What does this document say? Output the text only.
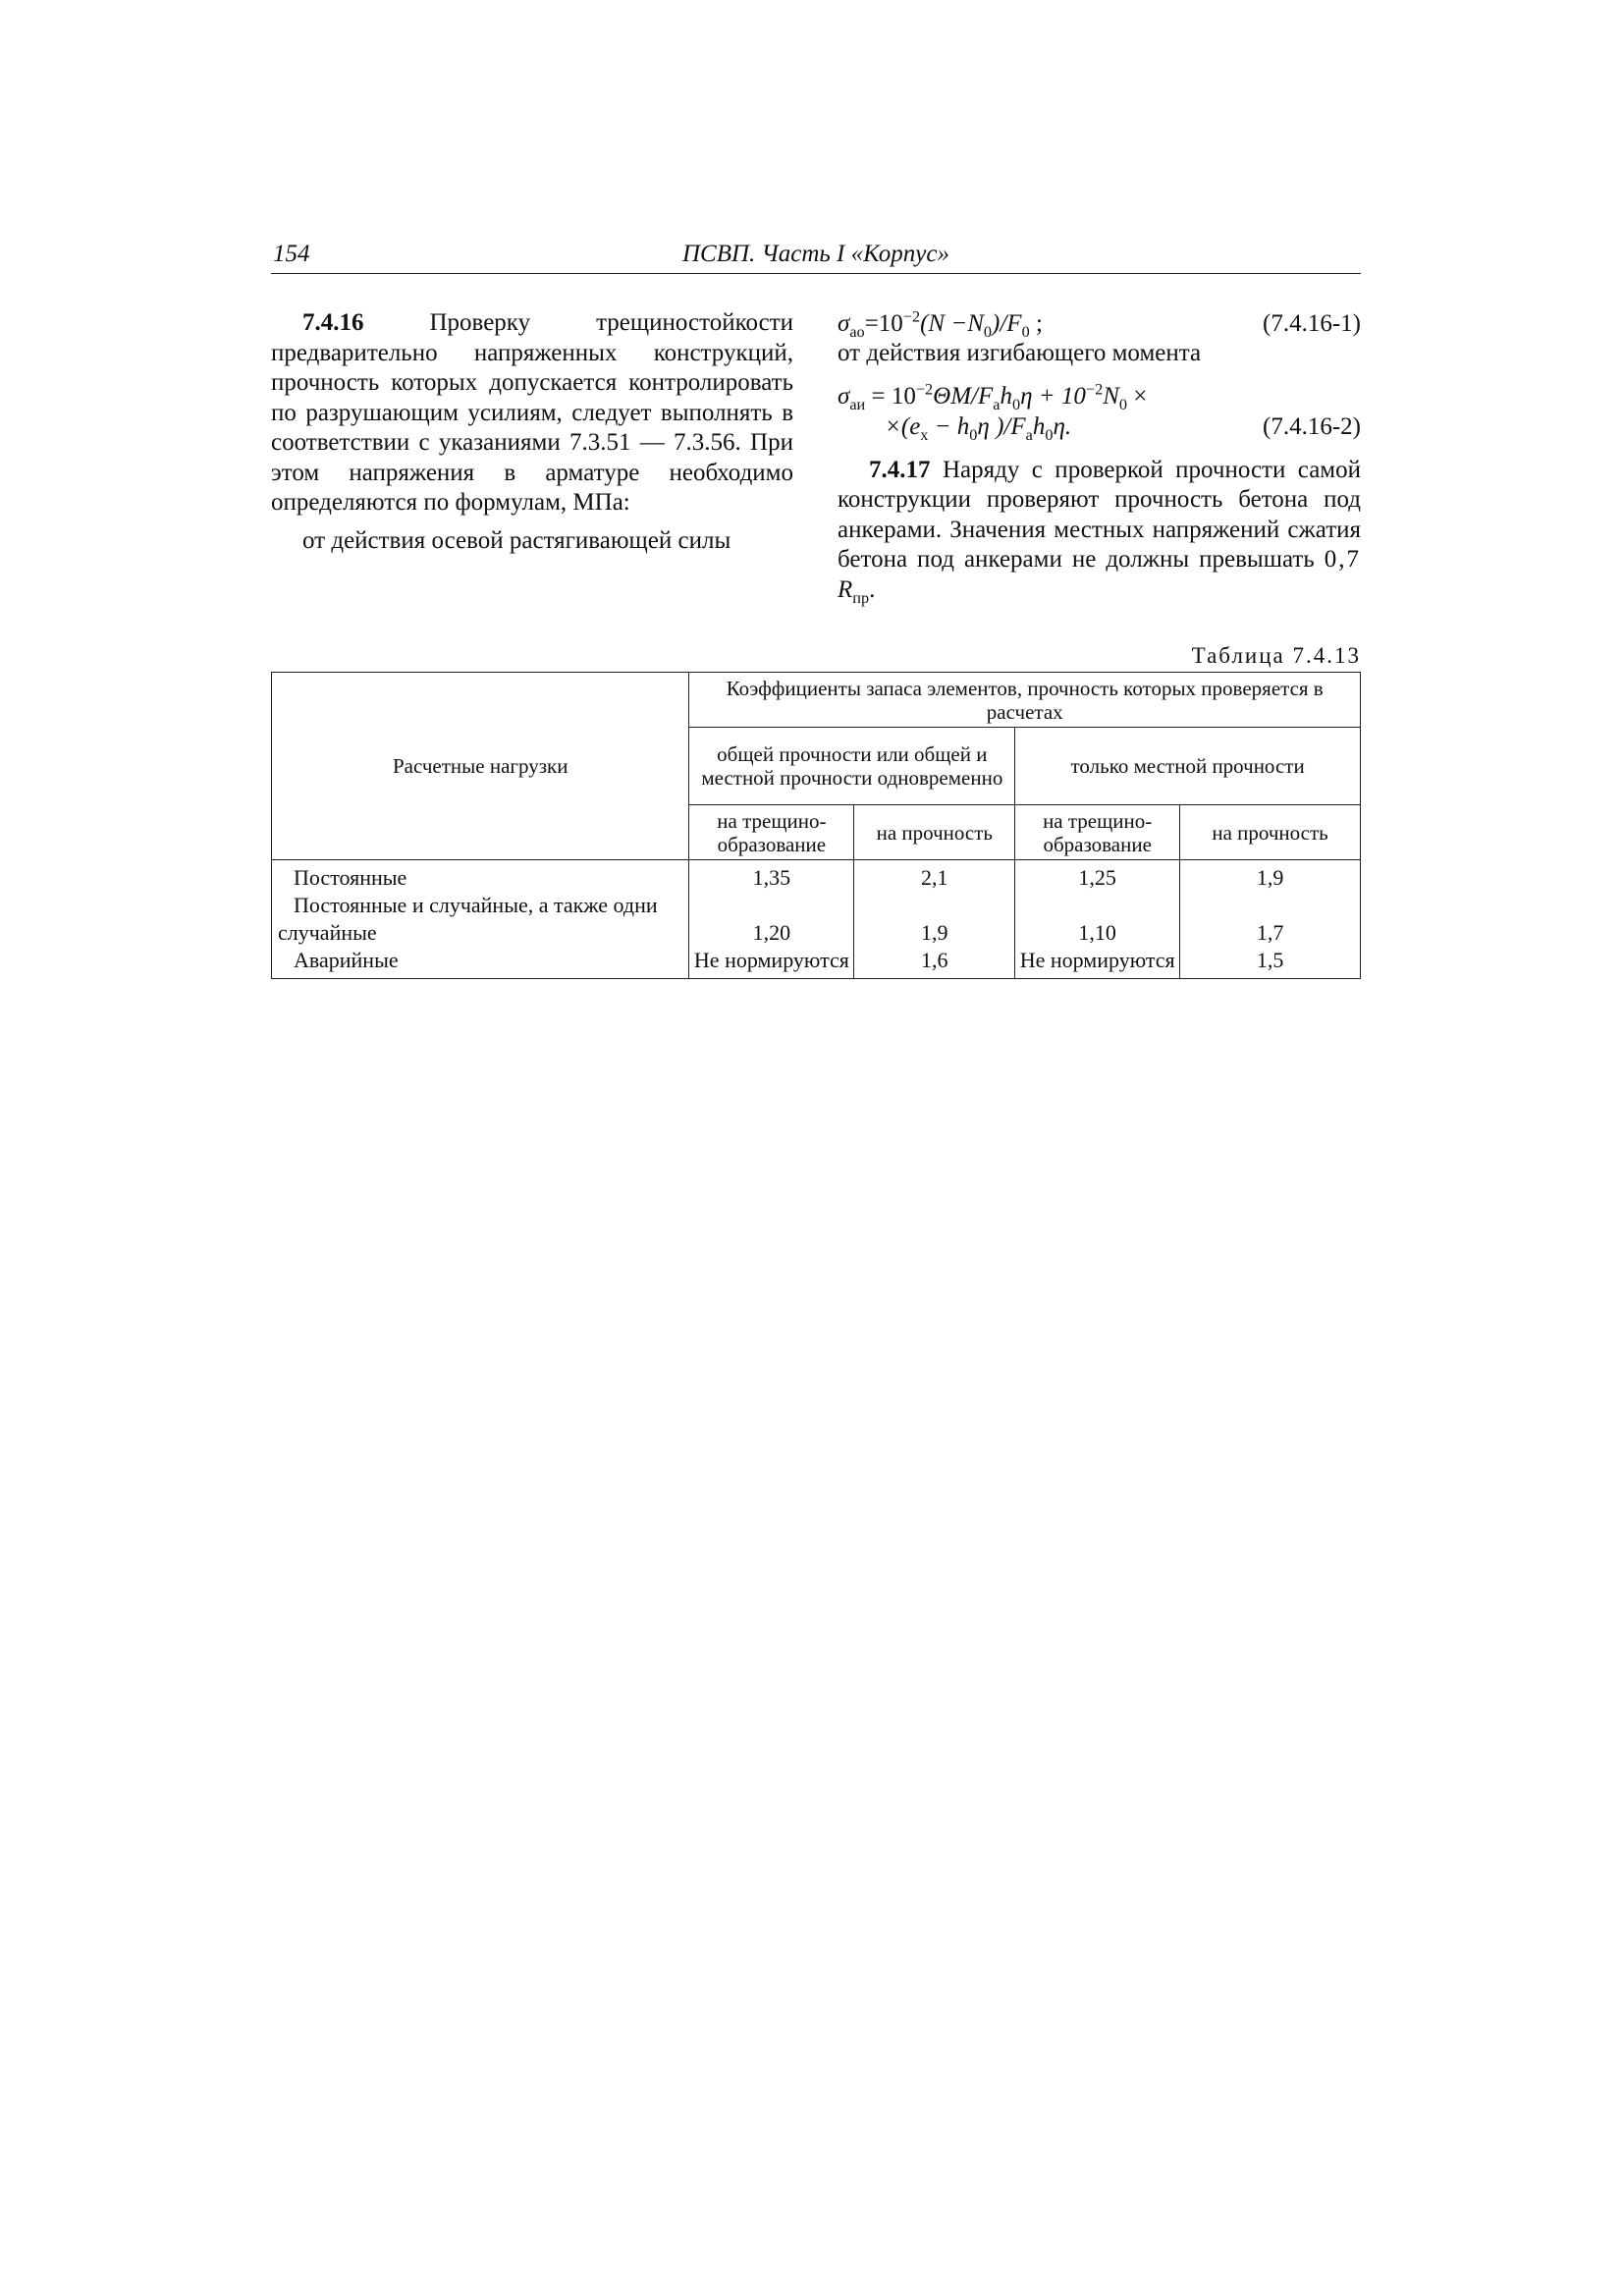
154	ПСВП. Часть I «Корпус»

7.4.16	Проверку трещиностойкости предварительно напряженных конструкций, прочность которых допускается контролировать по разрушающим усилиям, следует выполнять в соответствии с указаниями 7.3.51 — 7.3.56. При этом напряжения в арматуре необходимо определяются по формулам, МПа:

от действия осевой растягивающей силы

$\sigma_{ао}=10^{-2}(N -N_0)/F_0$ ;	(7.4.16-1)
от действия изгибающего момента
$\sigma_{аи} = 10^{-2}\Theta M/F_аh_0\eta + 10^{-2}N_0$ ×
$\times(e_x - h_0\eta$ )$/F_аh_0\eta$.	(7.4.16-2)

7.4.17 Наряду с проверкой прочности самой конструкции проверяют прочность бетона под анкерами. Значения местных напряжений сжатия бетона под анкерами не должны превышать 0,7 $R_{пр}$.

Таблица 7.4.13
Расчетные нагрузки	Коэффициенты запаса элементов, прочность которых проверяется в расчетах			
	общей прочности или общей и местной прочности одновременно		только местной прочности	
	на трещинообразование	на прочность	на трещинообразование	на прочность
Постоянные	1,35	2,1	1,25	1,9
Постоянные и случайные, а также одни случайные	1,20	1,9	1,10	1,7
Аварийные	Не нормируются	1,6	Не нормируются	1,5
